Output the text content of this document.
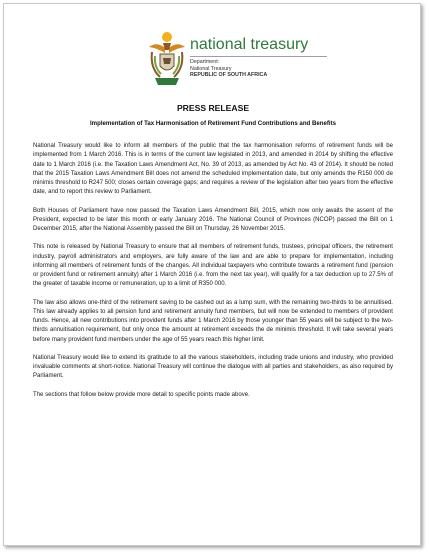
national treasury
Department:
National Treasury
REPUBLIC OF SOUTH AFRICA
PRESS RELEASE
Implementation of Tax Harmonisation of Retirement Fund Contributions and Benefits

National Treasury would like to inform all members of the public that the tax harmonisation reforms of retirement funds will be implemented from 1 March 2016. This is in terms of the current law legislated in 2013, and amended in 2014 by shifting the effective date to 1 March 2016 (i.e. the Taxation Laws Amendment Act, No. 39 of 2013, as amended by Act No. 43 of 2014). It should be noted that the 2015 Taxation Laws Amendment Bill does not amend the scheduled implementation date, but only amends the R150 000 de minimis threshold to R247 500; closes certain coverage gaps; and requires a review of the legislation after two years from the effective date, and to report this review to Parliament.

Both Houses of Parliament have now passed the Taxation Laws Amendment Bill, 2015, which now only awaits the assent of the President, expected to be later this month or early January 2016. The National Council of Provinces (NCOP) passed the Bill on 1 December 2015, after the National Assembly passed the Bill on Thursday, 26 November 2015.

This note is released by National Treasury to ensure that all members of retirement funds, trustees, principal officers, the retirement industry, payroll administrators and employers, are fully aware of the law and are able to prepare for implementation, including informing all members of retirement funds of the changes. All individual taxpayers who contribute towards a retirement fund (pension or provident fund or retirement annuity) after 1 March 2016 (i.e. from the next tax year), will qualify for a tax deduction up to 27.5% of the greater of taxable income or remuneration, up to a limit of R350 000.

The law also allows one-third of the retirement saving to be cashed out as a lump sum, with the remaining two-thirds to be annuitised. This law already applies to all pension fund and retirement annuity fund members, but will now be extended to members of provident funds. Hence, all new contributions into provident funds after 1 March 2016 by those younger than 55 years will be subject to the two-thirds annuitisation requirement, but only once the amount at retirement exceeds the de minimis threshold. It will take several years before many provident fund members under the age of 55 years reach this higher limit.

National Treasury would like to extend its gratitude to all the various stakeholders, including trade unions and industry, who provided invaluable comments at short-notice. National Treasury will continue the dialogue with all parties and stakeholders, as also required by Parliament.

The sections that follow below provide more detail to specific points made above.
